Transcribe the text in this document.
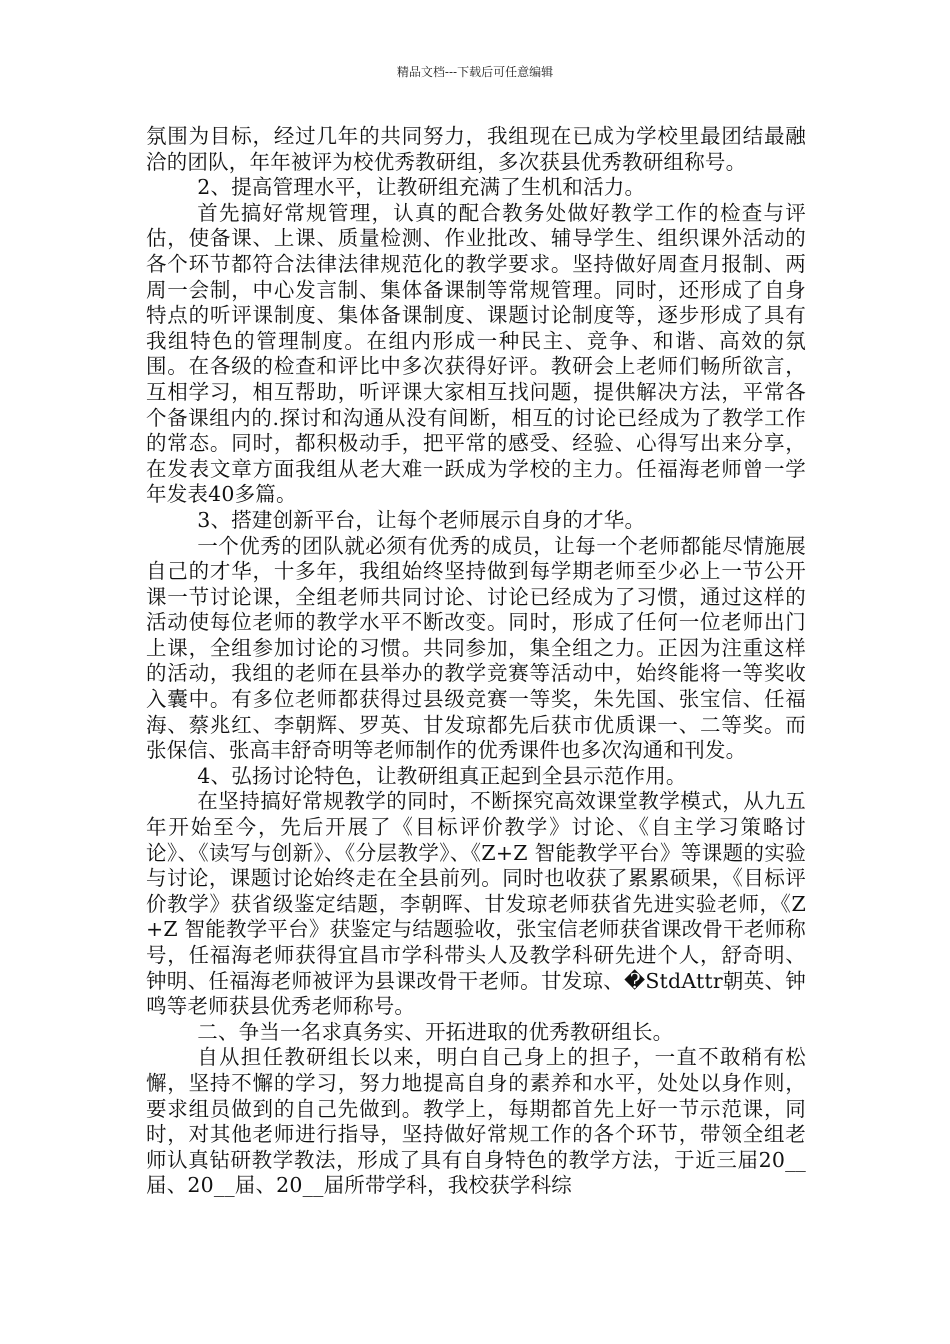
精品文档---下载后可任意编辑

氛围为目标，经过几年的共同努力，我组现在已成为学校里最团结最融洽的团队，年年被评为校优秀教研组，多次获县优秀教研组称号。

2、提高管理水平，让教研组充满了生机和活力。

首先搞好常规管理，认真的配合教务处做好教学工作的检查与评估，使备课、上课、质量检测、作业批改、辅导学生、组织课外活动的各个环节都符合法律法律规范化的教学要求。坚持做好周查月报制、两周一会制，中心发言制、集体备课制等常规管理。同时，还形成了自身特点的听评课制度、集体备课制度、课题讨论制度等，逐步形成了具有我组特色的管理制度。在组内形成一种民主、竞争、和谐、高效的氛围。在各级的检查和评比中多次获得好评。教研会上老师们畅所欲言，互相学习，相互帮助，听评课大家相互找问题，提供解决方法，平常各个备课组内的.探讨和沟通从没有间断，相互的讨论已经成为了教学工作的常态。同时，都积极动手，把平常的感受、经验、心得写出来分享，在发表文章方面我组从老大难一跃成为学校的主力。任福海老师曾一学年发表40多篇。

3、搭建创新平台，让每个老师展示自身的才华。

一个优秀的团队就必须有优秀的成员，让每一个老师都能尽情施展自己的才华，十多年，我组始终坚持做到每学期老师至少必上一节公开课一节讨论课，全组老师共同讨论、讨论已经成为了习惯，通过这样的活动使每位老师的教学水平不断改变。同时，形成了任何一位老师出门上课，全组参加讨论的习惯。共同参加，集全组之力。正因为注重这样的活动，我组的老师在县举办的教学竞赛等活动中，始终能将一等奖收入囊中。有多位老师都获得过县级竞赛一等奖，朱先国、张宝信、任福海、蔡兆红、李朝辉、罗英、甘发琼都先后获市优质课一、二等奖。而张保信、张高丰舒奇明等老师制作的优秀课件也多次沟通和刊发。

4、弘扬讨论特色，让教研组真正起到全县示范作用。

在坚持搞好常规教学的同时，不断探究高效课堂教学模式，从九五年开始至今，先后开展了《目标评价教学》讨论、《自主学习策略讨论》、《读写与创新》、《分层教学》、《Z+Z 智能教学平台》等课题的实验与讨论，课题讨论始终走在全县前列。同时也收获了累累硕果，《目标评价教学》获省级鉴定结题，李朝晖、甘发琼老师获省先进实验老师，《Z+Z 智能教学平台》获鉴定与结题验收，张宝信老师获省课改骨干老师称号，任福海老师获得宜昌市学科带头人及教学科研先进个人，舒奇明、钟明、任福海老师被评为县课改骨干老师。甘发琼、�StdAttr朝英、钟鸣等老师获县优秀老师称号。

二、争当一名求真务实、开拓进取的优秀教研组长。

自从担任教研组长以来，明白自己身上的担子，一直不敢稍有松懈，坚持不懈的学习，努力地提高自身的素养和水平，处处以身作则，要求组员做到的自己先做到。教学上，每期都首先上好一节示范课，同时，对其他老师进行指导，坚持做好常规工作的各个环节，带领全组老师认真钻研教学教法，形成了具有自身特色的教学方法，于近三届20__届、20__届、20__届所带学科，我校获学科综
